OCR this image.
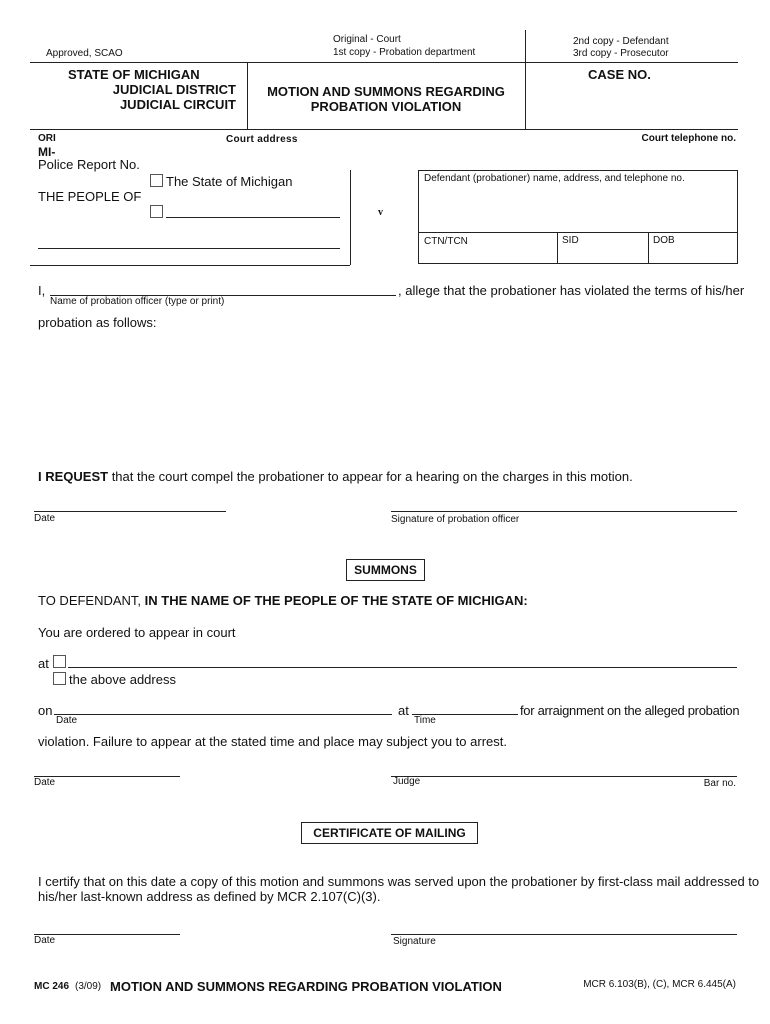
Approved, SCAO
Original - Court
1st copy - Probation department
2nd copy - Defendant
3rd copy - Prosecutor
STATE OF MICHIGAN
JUDICIAL DISTRICT
JUDICIAL CIRCUIT
MOTION AND SUMMONS REGARDING
PROBATION VIOLATION
CASE NO.
ORI
MI-
Court address	Court telephone no.
Police Report No.
The State of Michigan
THE PEOPLE OF
v
Defendant (probationer) name, address, and telephone no.
CTN/TCN	SID	DOB
I,	, allege that the probationer has violated the terms of his/her
Name of probation officer (type or print)
probation as follows:
I REQUEST that the court compel the probationer to appear for a hearing on the charges in this motion.
Date	Signature of probation officer
SUMMONS
TO DEFENDANT, IN THE NAME OF THE PEOPLE OF THE STATE OF MICHIGAN:
You are ordered to appear in court
at
the above address
on
Date
at
Time
for arraignment on the alleged probation
violation. Failure to appear at the stated time and place may subject you to arrest.
Date	Judge	Bar no.
CERTIFICATE OF MAILING
I certify that on this date a copy of this motion and summons was served upon the probationer by first-class mail addressed to
his/her last-known address as defined by MCR 2.107(C)(3).
Date	Signature
MC 246 (3/09) MOTION AND SUMMONS REGARDING PROBATION VIOLATION	MCR 6.103(B), (C), MCR 6.445(A)
